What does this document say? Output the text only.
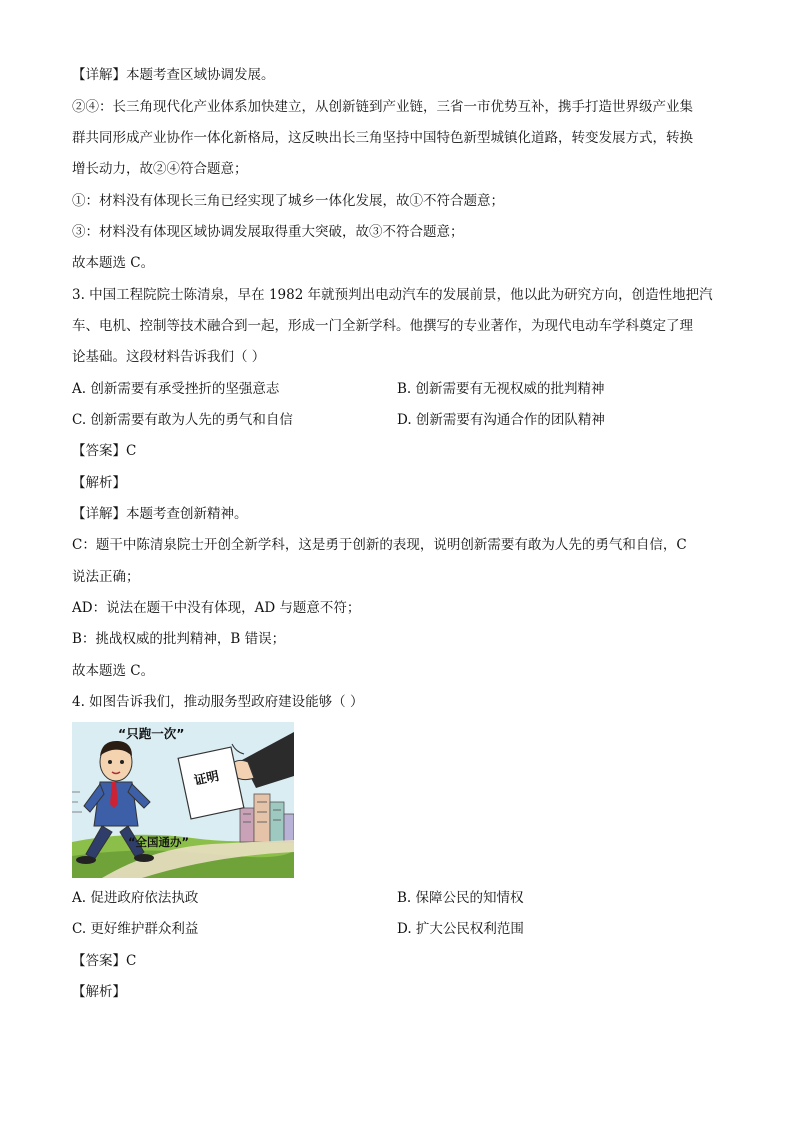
【详解】本题考查区域协调发展。
②④：长三角现代化产业体系加快建立，从创新链到产业链，三省一市优势互补，携手打造世界级产业集
群共同形成产业协作一体化新格局，这反映出长三角坚持中国特色新型城镇化道路，转变发展方式，转换
增长动力，故②④符合题意；
①：材料没有体现长三角已经实现了城乡一体化发展，故①不符合题意；
③：材料没有体现区域协调发展取得重大突破，故③不符合题意；
故本题选 C。
3. 中国工程院院士陈清泉，早在 1982 年就预判出电动汽车的发展前景，他以此为研究方向，创造性地把汽
车、电机、控制等技术融合到一起，形成一门全新学科。他撰写的专业著作，为现代电动车学科奠定了理
论基础。这段材料告诉我们（ ）
A. 创新需要有承受挫折的坚强意志	B. 创新需要有无视权威的批判精神
C. 创新需要有敢为人先的勇气和自信	D. 创新需要有沟通合作的团队精神
【答案】C
【解析】
【详解】本题考查创新精神。
C：题干中陈清泉院士开创全新学科，这是勇于创新的表现，说明创新需要有敢为人先的勇气和自信，C
说法正确；
AD：说法在题干中没有体现，AD 与题意不符；
B：挑战权威的批判精神，B 错误；
故本题选 C。
4. 如图告诉我们，推动服务型政府建设能够（ ）
“只跑一次”
证明
“全国通办”
A. 促进政府依法执政	B. 保障公民的知情权
C. 更好维护群众利益	D. 扩大公民权利范围
【答案】C
【解析】
